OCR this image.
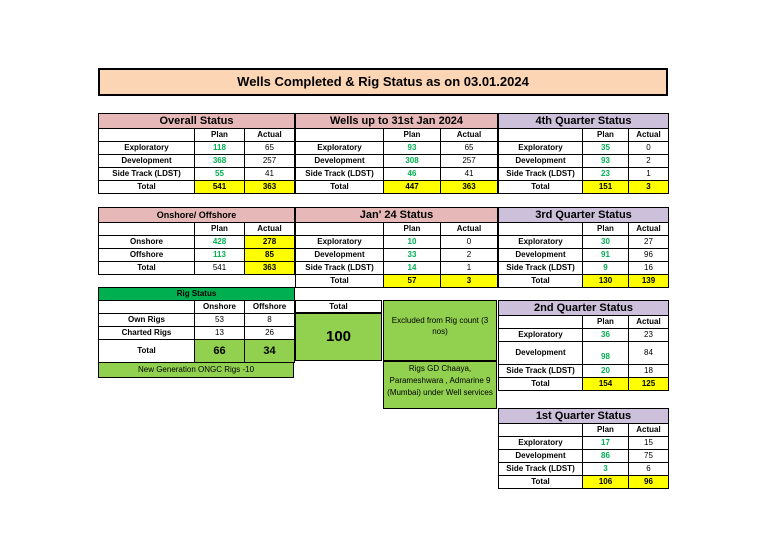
Wells Completed & Rig Status as on 03.01.2024
Overall Status		
	Plan	Actual
Exploratory	118	65
Development	368	257
Side Track (LDST)	55	41
Total	541	363
Wells up to 31st Jan 2024		
	Plan	Actual
Exploratory	93	65
Development	308	257
Side Track (LDST)	46	41
Total	447	363
4th Quarter Status		
	Plan	Actual
Exploratory	35	0
Development	93	2
Side Track (LDST)	23	1
Total	151	3
Onshore/ Offshore		
	Plan	Actual
Onshore	428	278
Offshore	113	85
Total	541	363
Jan' 24 Status		
	Plan	Actual
Exploratory	10	0
Development	33	2
Side Track (LDST)	14	1
Total	57	3
3rd Quarter Status		
	Plan	Actual
Exploratory	30	27
Development	91	96
Side Track (LDST)	9	16
Total	130	139
Rig Status		
	Onshore	Offshore
Own Rigs	53	8
Charted Rigs	13	26
Total	66	34
New Generation ONGC Rigs -10
Total
100
Excluded from Rig count (3 nos)
Rigs GD Chaaya, Parameshwara , Admarine 9 (Mumbai) under Well services
2nd Quarter Status		
	Plan	Actual
Exploratory	36	23
Development	98	84
Side Track (LDST)	20	18
Total	154	125
1st Quarter Status		
	Plan	Actual
Exploratory	17	15
Development	86	75
Side Track (LDST)	3	6
Total	106	96
